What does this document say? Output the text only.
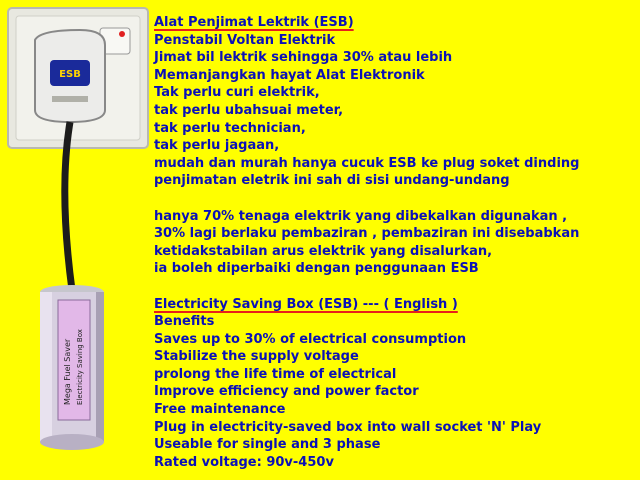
ESB
Mega Fuel Saver Electricity Saving Box
Alat Penjimat Lektrik (ESB)
Penstabil Voltan Elektrik
Jimat bil lektrik sehingga 30% atau lebih
Memanjangkan hayat Alat Elektronik
Tak perlu curi elektrik,
tak perlu ubahsuai meter,
tak perlu technician,
tak perlu jagaan,
mudah dan murah hanya cucuk ESB ke plug soket dinding
penjimatan eletrik ini sah di sisi undang-undang
hanya 70% tenaga elektrik yang dibekalkan digunakan ,
30% lagi berlaku pembaziran , pembaziran ini disebabkan
ketidakstabilan arus elektrik yang disalurkan,
ia boleh diperbaiki dengan penggunaan ESB
Electricity Saving Box (ESB) --- ( English )
Benefits
Saves up to 30% of electrical consumption
Stabilize the supply voltage
prolong the life time of electrical
Improve efficiency and power factor
Free maintenance
Plug in electricity-saved box into wall socket 'N' Play
Useable for single and 3 phase
Rated voltage: 90v-450v
